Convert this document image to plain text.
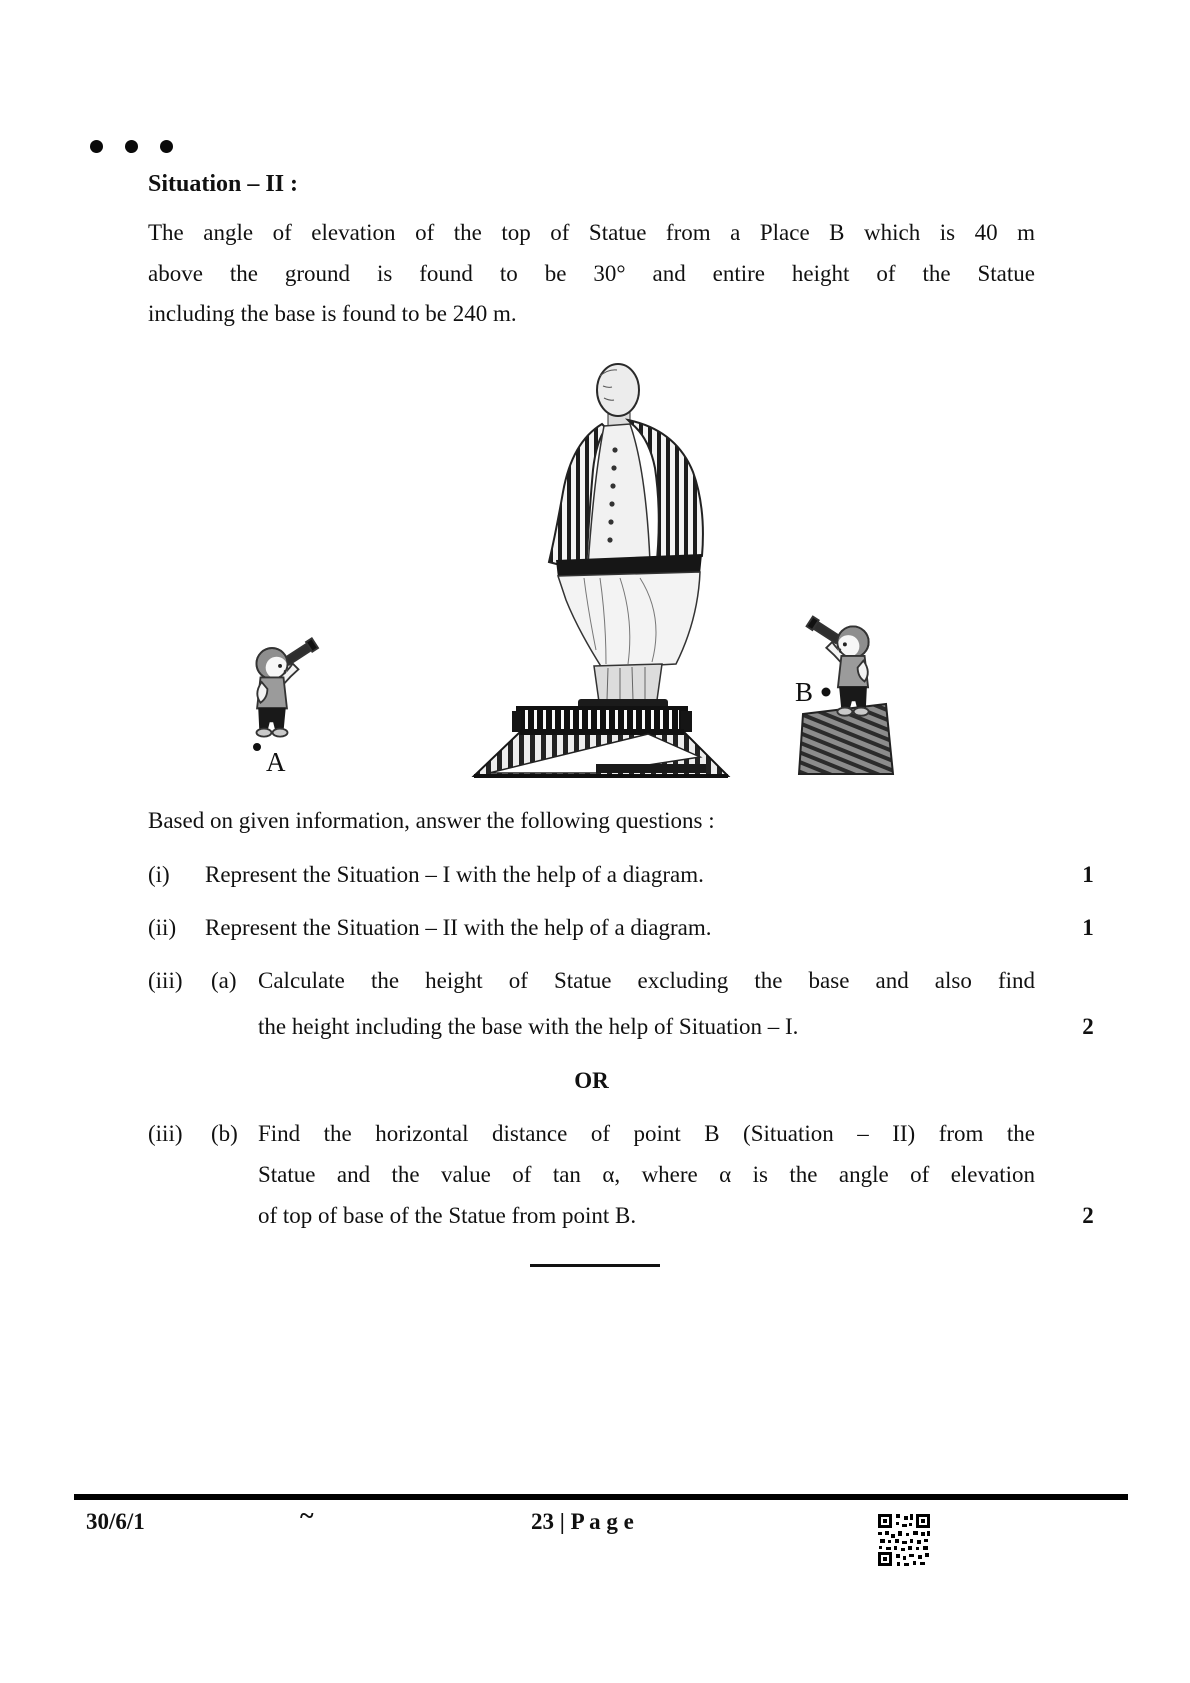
Situation – II :
The angle of elevation of the top of Statue from a Place B which is 40 m
above the ground is found to be 30° and entire height of the Statue
including the base is found to be 240 m.
A
B
Based on given information, answer the following questions :
(i) Represent the Situation – I with the help of a diagram.	1
(ii) Represent the Situation – II with the help of a diagram.	1
(iii) (a) Calculate the height of Statue excluding the base and also find
the height including the base with the help of Situation – I.	2
OR
(iii) (b) Find the horizontal distance of point B (Situation – II) from the
Statue and the value of tan α, where α is the angle of elevation
of top of base of the Statue from point B.	2
30/6/1	~	23 | P a g e
